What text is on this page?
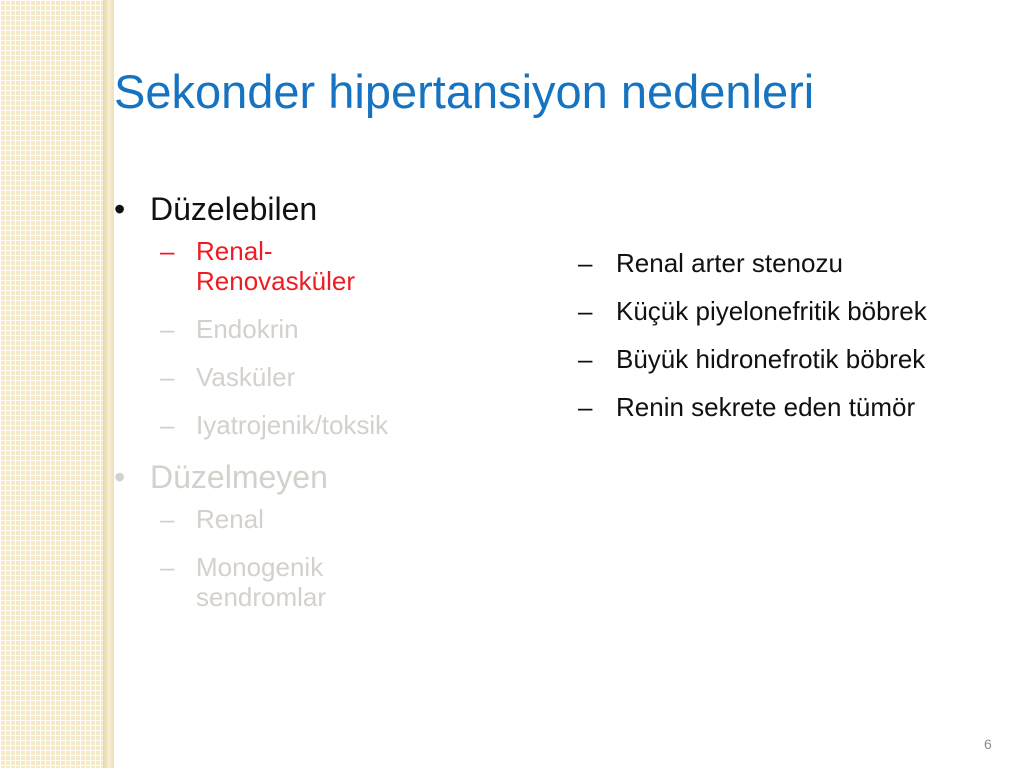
Sekonder hipertansiyon nedenleri
• Düzelebilen
– Renal-Renovasküler
– Endokrin
– Vasküler
– Iyatrojenik/toksik
• Düzelmeyen
– Renal
– Monogenik sendromlar
– Renal arter stenozu
– Küçük piyelonefritik böbrek
– Büyük hidronefrotik böbrek
– Renin sekrete eden tümör
6
